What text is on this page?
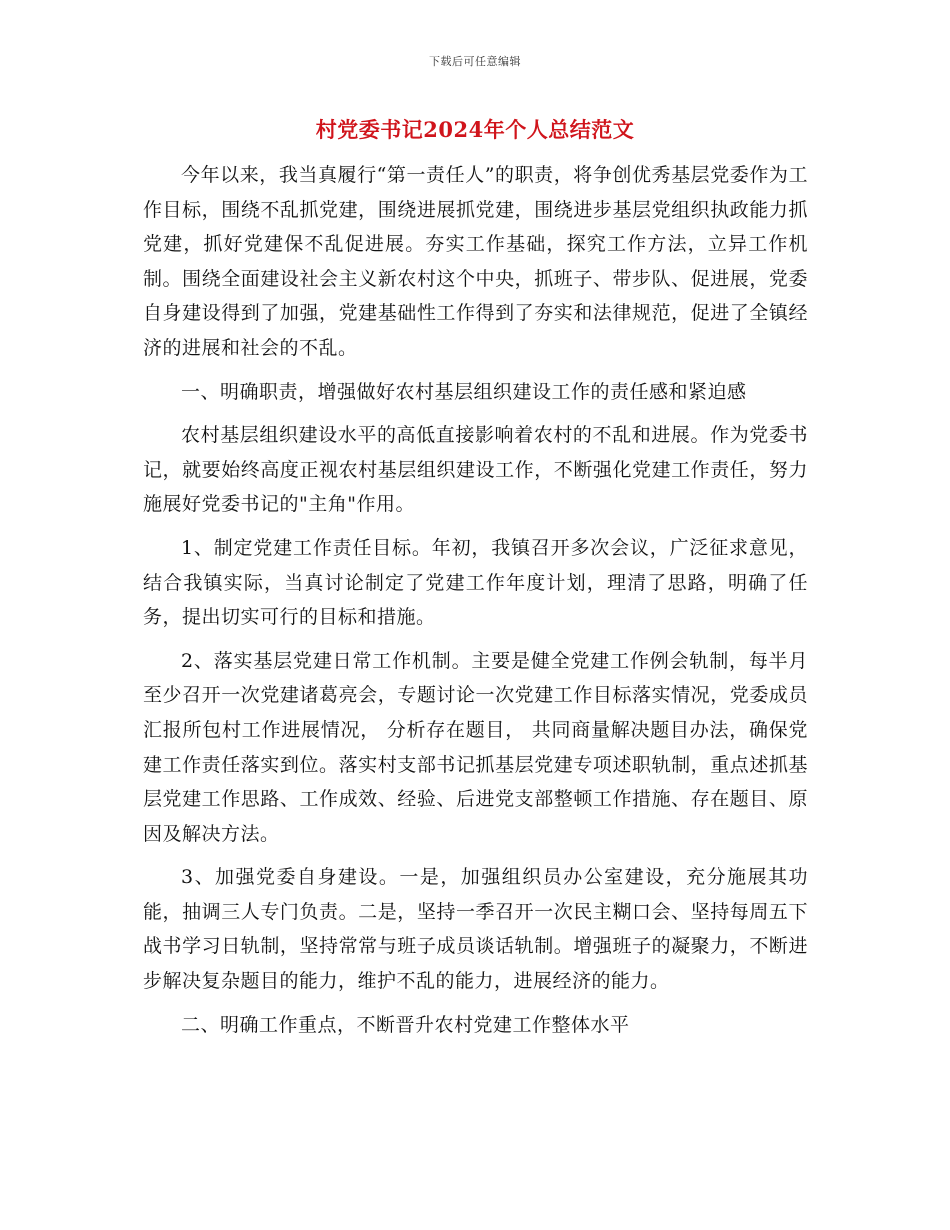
下载后可任意编辑
村党委书记2024年个人总结范文

今年以来，我当真履行“第一责任人”的职责，将争创优秀基层党委作为工作目标，围绕不乱抓党建，围绕进展抓党建，围绕进步基层党组织执政能力抓党建，抓好党建保不乱促进展。夯实工作基础，探究工作方法，立异工作机制。围绕全面建设社会主义新农村这个中央，抓班子、带步队、促进展，党委自身建设得到了加强，党建基础性工作得到了夯实和法律规范，促进了全镇经济的进展和社会的不乱。

一、明确职责，增强做好农村基层组织建设工作的责任感和紧迫感

农村基层组织建设水平的高低直接影响着农村的不乱和进展。作为党委书记，就要始终高度正视农村基层组织建设工作，不断强化党建工作责任，努力施展好党委书记的"主角"作用。

1、制定党建工作责任目标。年初，我镇召开多次会议，广泛征求意见，结合我镇实际，当真讨论制定了党建工作年度计划，理清了思路，明确了任务，提出切实可行的目标和措施。

2、落实基层党建日常工作机制。主要是健全党建工作例会轨制，每半月至少召开一次党建诸葛亮会，专题讨论一次党建工作目标落实情况，党委成员汇报所包村工作进展情况， 分析存在题目， 共同商量解决题目办法，确保党建工作责任落实到位。落实村支部书记抓基层党建专项述职轨制，重点述抓基层党建工作思路、工作成效、经验、后进党支部整顿工作措施、存在题目、原因及解决方法。

3、加强党委自身建设。一是，加强组织员办公室建设，充分施展其功能，抽调三人专门负责。二是，坚持一季召开一次民主糊口会、坚持每周五下战书学习日轨制，坚持常常与班子成员谈话轨制。增强班子的凝聚力，不断进步解决复杂题目的能力，维护不乱的能力，进展经济的能力。

二、明确工作重点，不断晋升农村党建工作整体水平
